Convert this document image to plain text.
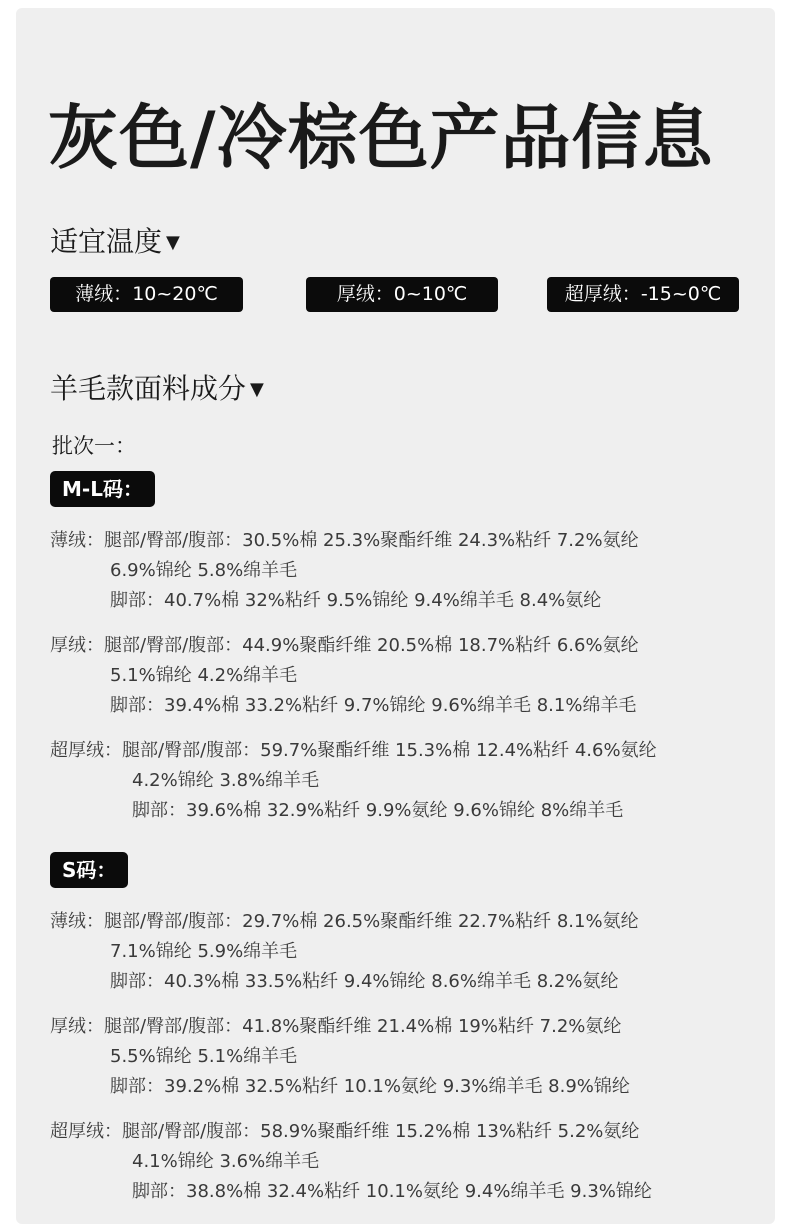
灰色/冷棕色产品信息
适宜温度 ▼
薄绒：10~20℃	厚绒：0~10℃	超厚绒：-15~0℃
羊毛款面料成分 ▼
批次一：
M-L码：
薄绒：腿部/臀部/腹部：30.5%棉 25.3%聚酯纤维 24.3%粘纤 7.2%氨纶
6.9%锦纶 5.8%绵羊毛
脚部：40.7%棉 32%粘纤 9.5%锦纶 9.4%绵羊毛 8.4%氨纶
厚绒：腿部/臀部/腹部：44.9%聚酯纤维 20.5%棉 18.7%粘纤 6.6%氨纶
5.1%锦纶 4.2%绵羊毛
脚部：39.4%棉 33.2%粘纤 9.7%锦纶 9.6%绵羊毛 8.1%绵羊毛
超厚绒：腿部/臀部/腹部：59.7%聚酯纤维 15.3%棉 12.4%粘纤 4.6%氨纶
4.2%锦纶 3.8%绵羊毛
脚部：39.6%棉 32.9%粘纤 9.9%氨纶 9.6%锦纶 8%绵羊毛
S码：
薄绒：腿部/臀部/腹部：29.7%棉 26.5%聚酯纤维 22.7%粘纤 8.1%氨纶
7.1%锦纶 5.9%绵羊毛
脚部：40.3%棉 33.5%粘纤 9.4%锦纶 8.6%绵羊毛 8.2%氨纶
厚绒：腿部/臀部/腹部：41.8%聚酯纤维 21.4%棉 19%粘纤 7.2%氨纶
5.5%锦纶 5.1%绵羊毛
脚部：39.2%棉 32.5%粘纤 10.1%氨纶 9.3%绵羊毛 8.9%锦纶
超厚绒：腿部/臀部/腹部：58.9%聚酯纤维 15.2%棉 13%粘纤 5.2%氨纶
4.1%锦纶 3.6%绵羊毛
脚部：38.8%棉 32.4%粘纤 10.1%氨纶 9.4%绵羊毛 9.3%锦纶
